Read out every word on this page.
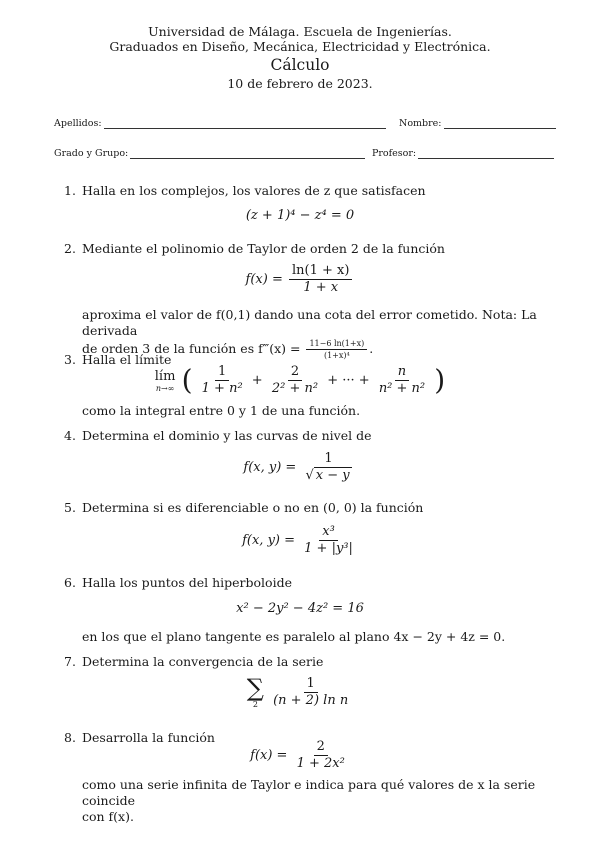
Universidad de Málaga. Escuela de Ingenierías.
Graduados en Diseño, Mecánica, Electricidad y Electrónica.
Cálculo
10 de febrero de 2023.
Apellidos:	Nombre:
Grado y Grupo:	Profesor:
1. Halla en los complejos, los valores de z que satisfacen
(z + 1)⁴ − z⁴ = 0
2. Mediante el polinomio de Taylor de orden 2 de la función
$f(x) = \frac{\ln(1 + x)}{1 + x}$
aproxima el valor de f(0,1) dando una cota del error cometido. Nota: La derivada
de orden 3 de la función es f‴(x) = $\frac{11-6 \ln(1+x)}{\text{(1+x)⁴}}$ .
3. Halla el límite
lím
n→∞ ( $\frac{1}{\text{1 + n²}} + \frac{2}{\text{2² + n²}}$ + ··· + $\frac{n}{\text{n² + n²}}$ )
como la integral entre 0 y 1 de una función.
4. Determina el dominio y las curvas de nivel de
f(x, $y) = \frac{1}{√ x - y}$
5. Determina si es diferenciable o no en (0, 0) la función
f(x, $y) = \frac{\text{x³}}{\text{1 + |y³|}}$
6. Halla los puntos del hiperboloide
x² − 2y² − 4z² = 16
en los que el plano tangente es paralelo al plano 4x − 2y + 4z = 0.
7. Determina la convergencia de la serie
∑
2
$\frac{1}{\text{(n + 2) ln n}}$
8. Desarrolla la función
$f(x) = \frac{2}{\text{1 + 2x²}}$
como una serie infinita de Taylor e indica para qué valores de x la serie coincide
con f(x).
